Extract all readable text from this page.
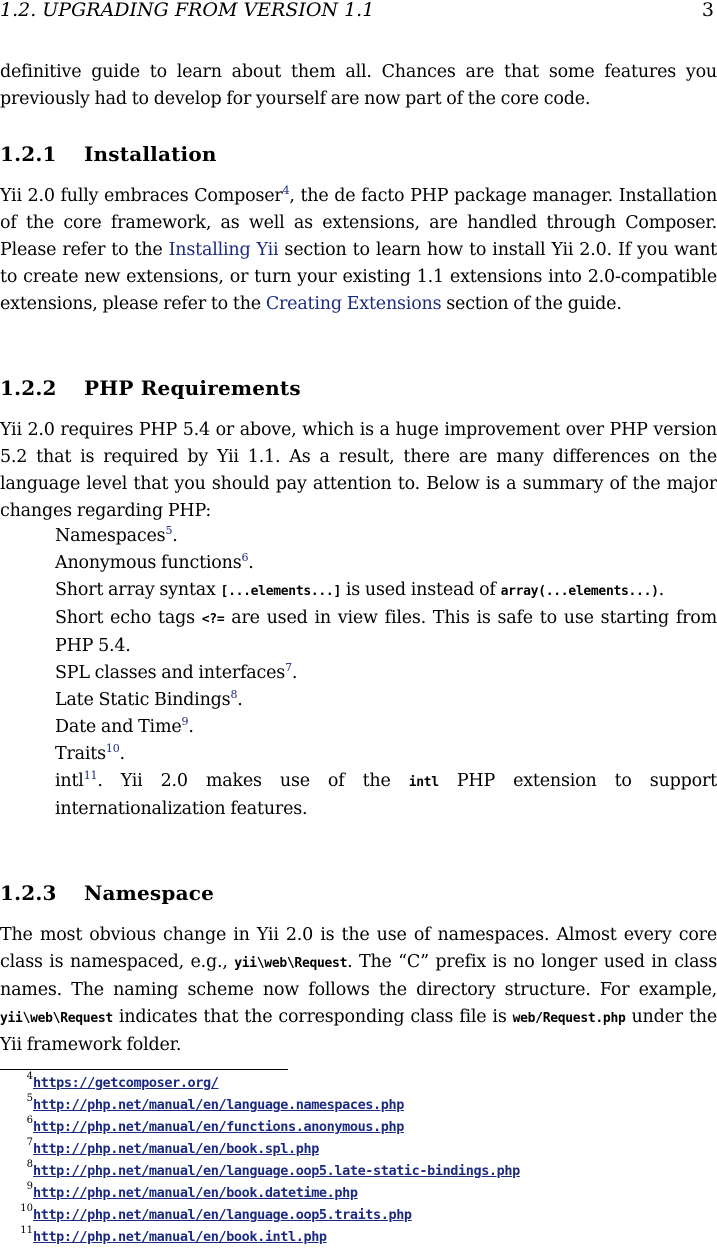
1.2. UPGRADING FROM VERSION 1.1	3

definitive guide to learn about them all. Chances are that some features you previously had to develop for yourself are now part of the core code.

1.2.1 Installation

Yii 2.0 fully embraces Composer$^4$, the de facto PHP package manager. Installation of the core framework, as well as extensions, are handled through Composer. Please refer to the Installing Yii section to learn how to install Yii 2.0. If you want to create new extensions, or turn your existing 1.1 extensions into 2.0-compatible extensions, please refer to the Creating Extensions section of the guide.

1.2.2 PHP Requirements

Yii 2.0 requires PHP 5.4 or above, which is a huge improvement over PHP version 5.2 that is required by Yii 1.1. As a result, there are many differences on the language level that you should pay attention to. Below is a summary of the major changes regarding PHP:

Namespaces$^5$.
Anonymous functions$^6$.
Short array syntax [...elements...] is used instead of array(...elements...).
Short echo tags <?= are used in view files. This is safe to use starting from PHP 5.4.
SPL classes and interfaces$^7$.
Late Static Bindings$^8$.
Date and Time$^9$.
Traits$^{10}$.
intl$^{11}$. Yii 2.0 makes use of the intl PHP extension to support internationalization features.
1.2.3 Namespace

The most obvious change in Yii 2.0 is the use of namespaces. Almost every core class is namespaced, e.g., yii\web\Request. The “C” prefix is no longer used in class names. The naming scheme now follows the directory structure. For example, yii\web\Request indicates that the corresponding class file is web/Request.php under the Yii framework folder.

4 https://getcomposer.org/
5 http://php.net/manual/en/language.namespaces.php
6 http://php.net/manual/en/functions.anonymous.php
7 http://php.net/manual/en/book.spl.php
8 http://php.net/manual/en/language.oop5.late-static-bindings.php
9 http://php.net/manual/en/book.datetime.php
10 http://php.net/manual/en/language.oop5.traits.php
11 http://php.net/manual/en/book.intl.php
